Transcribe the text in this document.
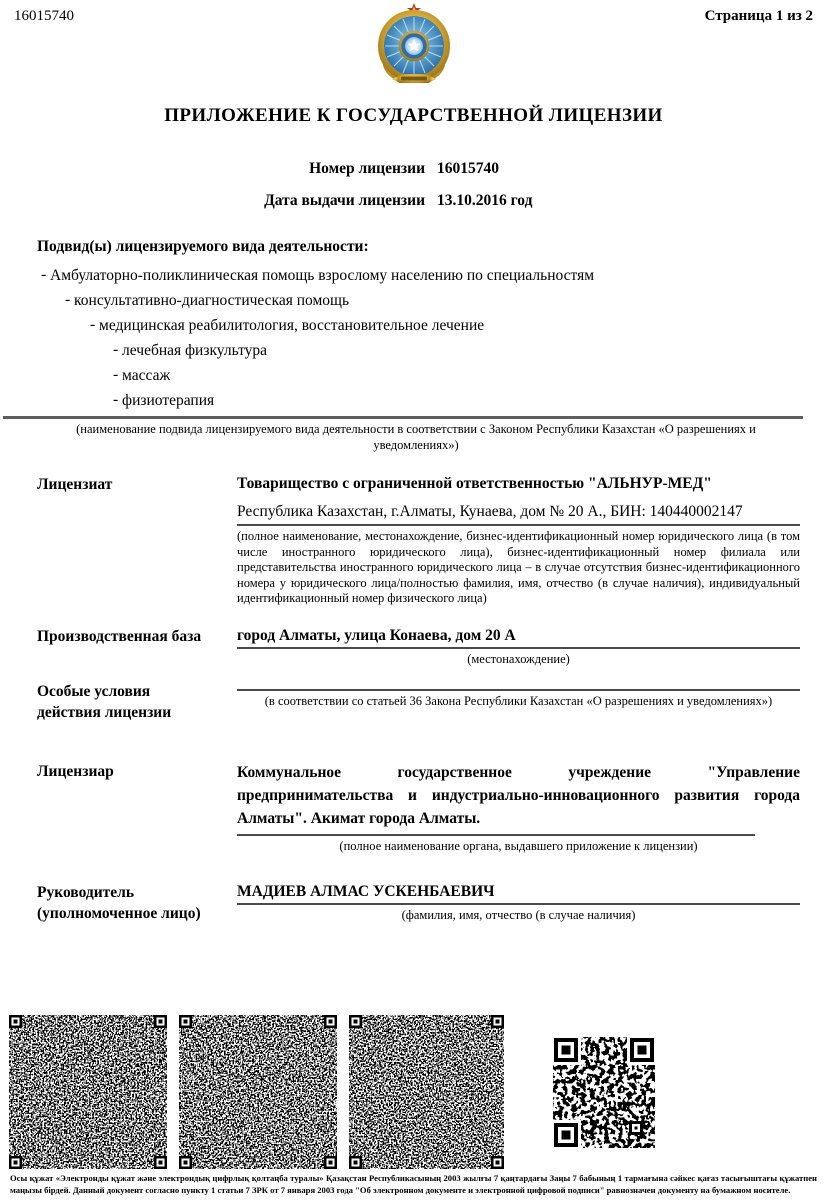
16015740	Страница 1 из 2
ПРИЛОЖЕНИЕ К ГОСУДАРСТВЕННОЙ ЛИЦЕНЗИИ
Номер лицензии 16015740
Дата выдачи лицензии 13.10.2016 год
Подвид(ы) лицензируемого вида деятельности:
- Амбулаторно-поликлиническая помощь взрослому населению по специальностям
- консультативно-диагностическая помощь
- медицинская реабилитология, восстановительное лечение
- лечебная физкультура
- массаж
- физиотерапия
(наименование подвида лицензируемого вида деятельности в соответствии с Законом Республики Казахстан «О разрешениях и уведомлениях»)
Лицензиат	Товарищество с ограниченной ответственностью "АЛЬНУР-МЕД"
Республика Казахстан, г.Алматы, Кунаева, дом № 20 А., БИН: 140440002147
(полное наименование, местонахождение, бизнес-идентификационный номер юридического лица (в том числе иностранного юридического лица), бизнес-идентификационный номер филиала или представительства иностранного юридического лица – в случае отсутствия бизнес-идентификационного номера у юридического лица/полностью фамилия, имя, отчество (в случае наличия), индивидуальный идентификационный номер физического лица)
Производственная база	город Алматы, улица Конаева, дом 20 А
(местонахождение)
Особые условия
действия лицензии
(в соответствии со статьей 36 Закона Республики Казахстан «О разрешениях и уведомлениях»)
Лицензиар	Коммунальное государственное учреждение "Управление предпринимательства и индустриально-инновационного развития города Алматы". Акимат города Алматы.
(полное наименование органа, выдавшего приложение к лицензии)
Руководитель
(уполномоченное лицо)
МАДИЕВ АЛМАС УСКЕНБАЕВИЧ
(фамилия, имя, отчество (в случае наличия)
Осы құжат «Электронды құжат және электрондық цифрлық қолтаңба туралы» Қазақстан Республикасының 2003 жылғы 7 қаңтардағы Заңы 7 бабының 1 тармағына сәйкес қағаз тасығыштағы құжатпен маңызы бірдей. Данный документ согласно пункту 1 статьи 7 ЗРК от 7 января 2003 года "Об электронном документе и электронной цифровой подписи" равнозначен документу на бумажном носителе.
